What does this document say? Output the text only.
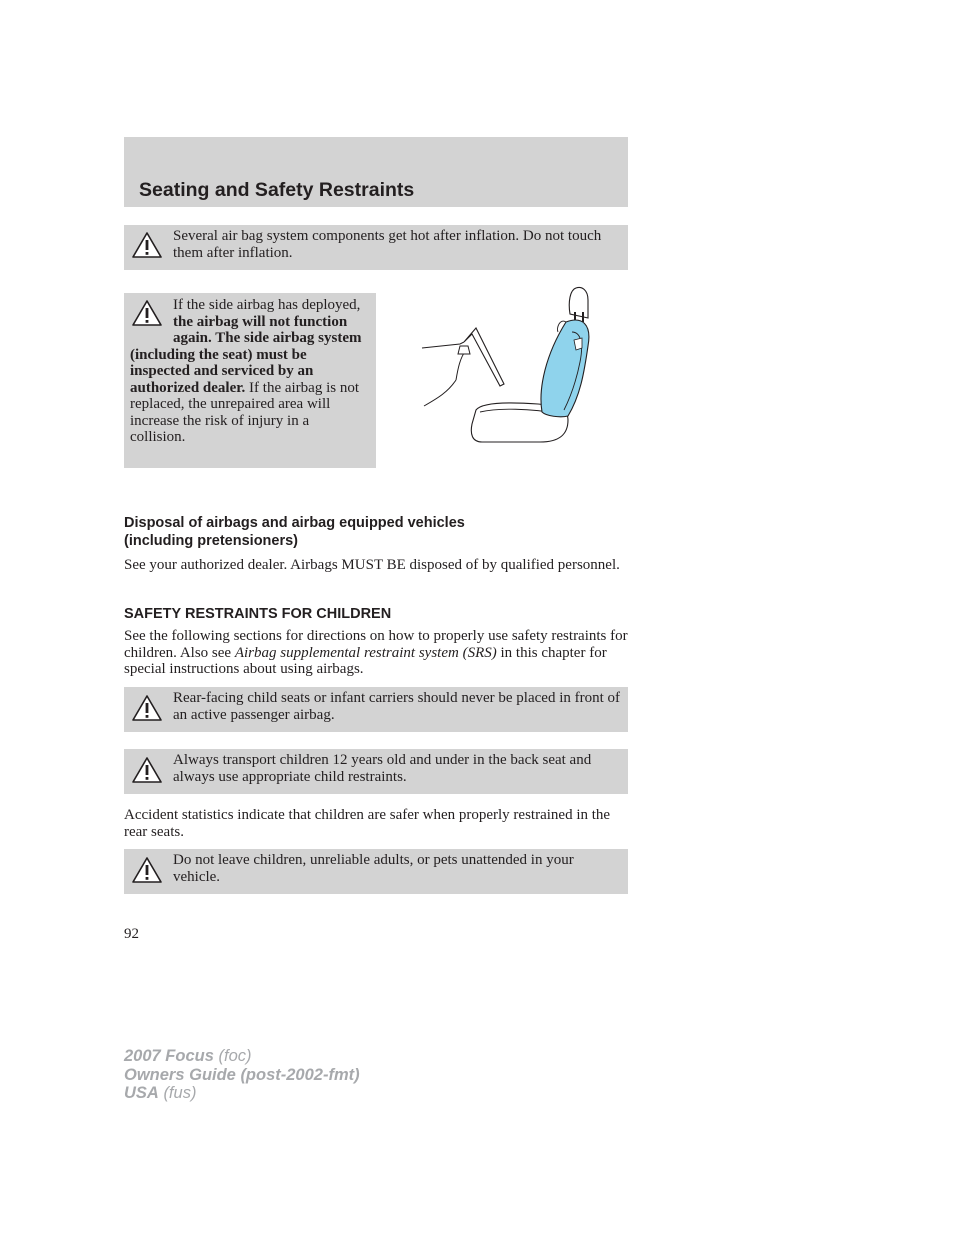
Seating and Safety Restraints
Several air bag system components get hot after inflation. Do not touch them after inflation.
If the side airbag has deployed, the airbag will not function again. The side airbag system (including the seat) must be inspected and serviced by an authorized dealer. If the airbag is not replaced, the unrepaired area will increase the risk of injury in a collision.
Disposal of airbags and airbag equipped vehicles
(including pretensioners)

See your authorized dealer. Airbags MUST BE disposed of by qualified personnel.

SAFETY RESTRAINTS FOR CHILDREN

See the following sections for directions on how to properly use safety restraints for children. Also see Airbag supplemental restraint system (SRS) in this chapter for special instructions about using airbags.

Rear-facing child seats or infant carriers should never be placed in front of an active passenger airbag.
Always transport children 12 years old and under in the back seat and always use appropriate child restraints.

Accident statistics indicate that children are safer when properly restrained in the rear seats.

Do not leave children, unreliable adults, or pets unattended in your vehicle.

92

2007 Focus (foc)
Owners Guide (post-2002-fmt)
USA (fus)
